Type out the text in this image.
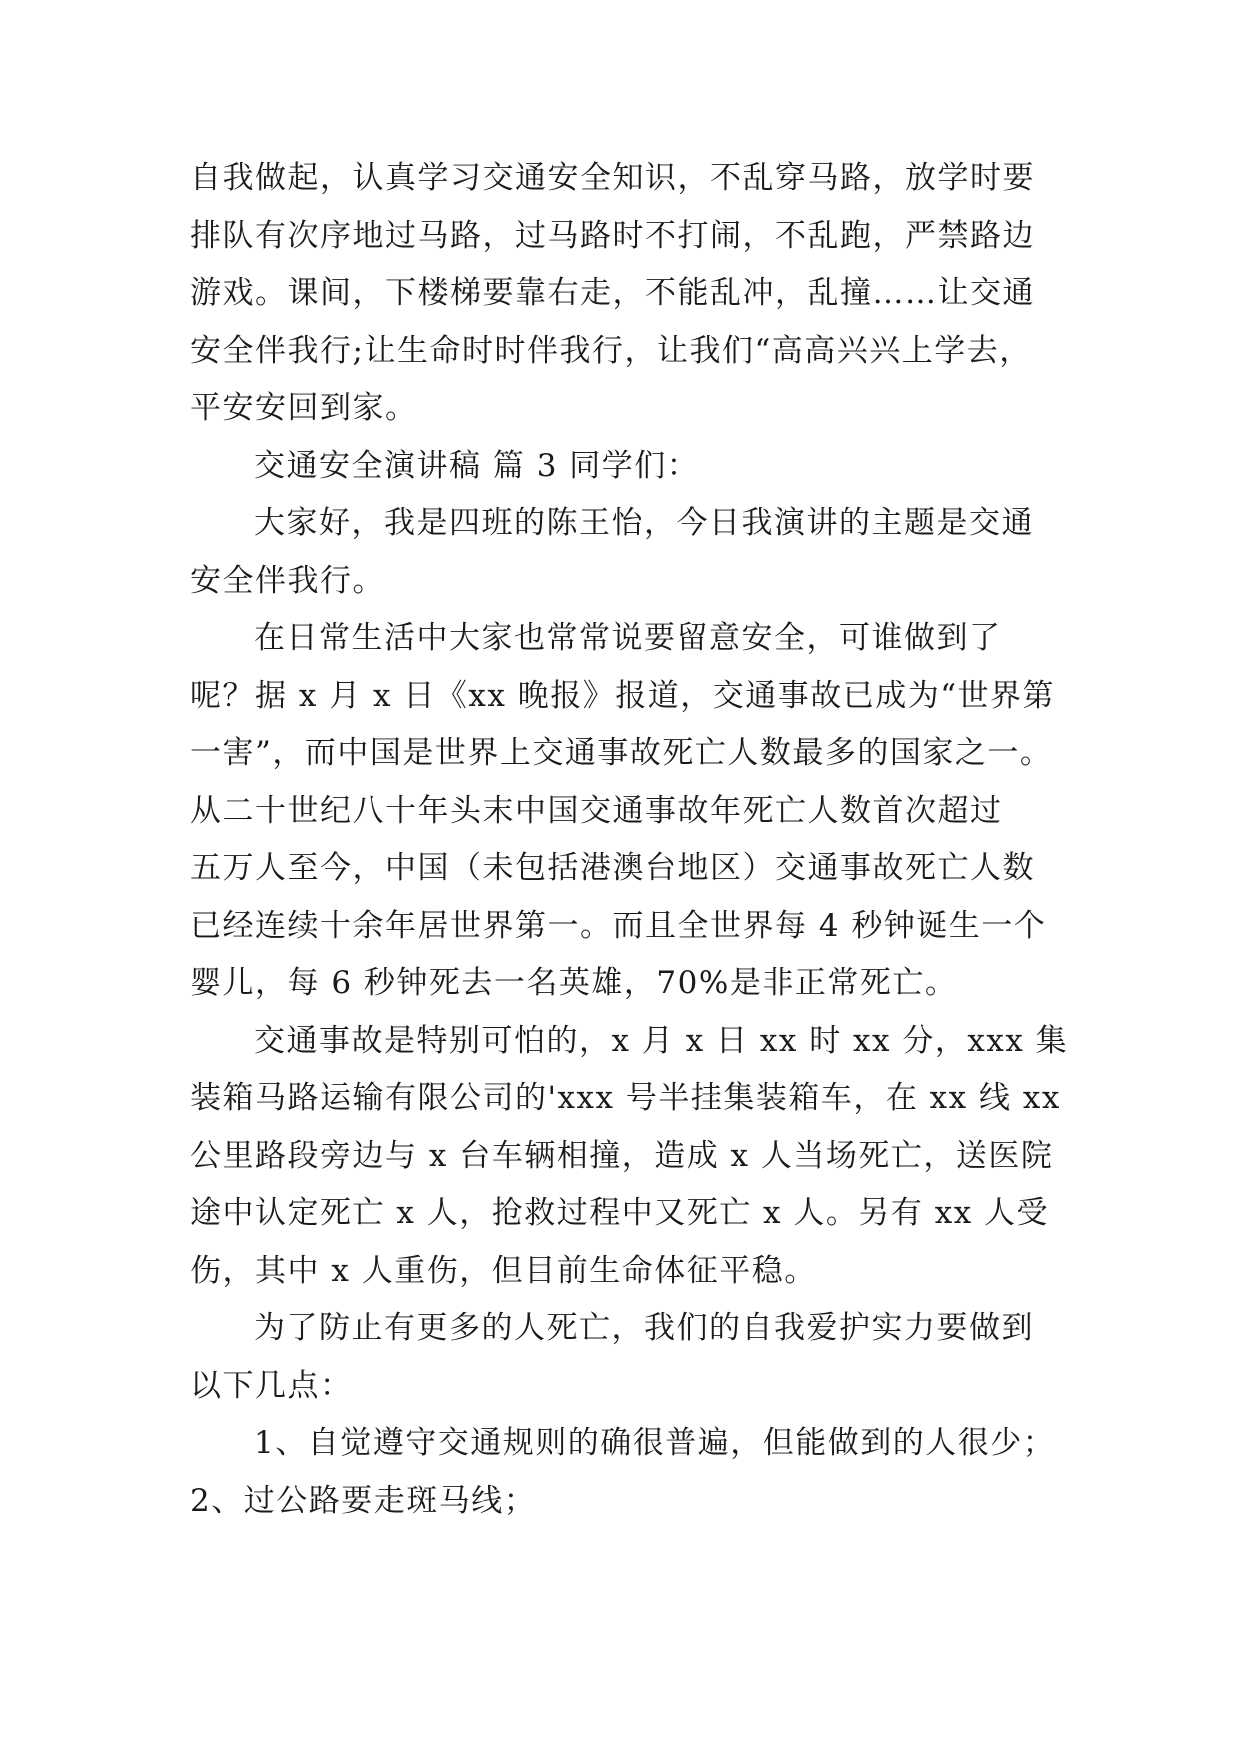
自我做起，认真学习交通安全知识，不乱穿马路，放学时要
排队有次序地过马路，过马路时不打闹，不乱跑，严禁路边
游戏。课间，下楼梯要靠右走，不能乱冲，乱撞……让交通
安全伴我行;让生命时时伴我行，让我们“高高兴兴上学去，
平安安回到家。
交通安全演讲稿 篇 3 同学们：
大家好，我是四班的陈王怡，今日我演讲的主题是交通
安全伴我行。
在日常生活中大家也常常说要留意安全，可谁做到了
呢？据 x 月 x 日《xx 晚报》报道，交通事故已成为“世界第
一害”，而中国是世界上交通事故死亡人数最多的国家之一。
从二十世纪八十年头末中国交通事故年死亡人数首次超过
五万人至今，中国（未包括港澳台地区）交通事故死亡人数
已经连续十余年居世界第一。而且全世界每 4 秒钟诞生一个
婴儿，每 6 秒钟死去一名英雄，70%是非正常死亡。
交通事故是特别可怕的，x 月 x 日 xx 时 xx 分，xxx 集
装箱马路运输有限公司的'xxx 号半挂集装箱车，在 xx 线 xx
公里路段旁边与 x 台车辆相撞，造成 x 人当场死亡，送医院
途中认定死亡 x 人，抢救过程中又死亡 x 人。另有 xx 人受
伤，其中 x 人重伤，但目前生命体征平稳。
为了防止有更多的人死亡，我们的自我爱护实力要做到
以下几点：
1、自觉遵守交通规则的确很普遍，但能做到的人很少；
2、过公路要走斑马线；
